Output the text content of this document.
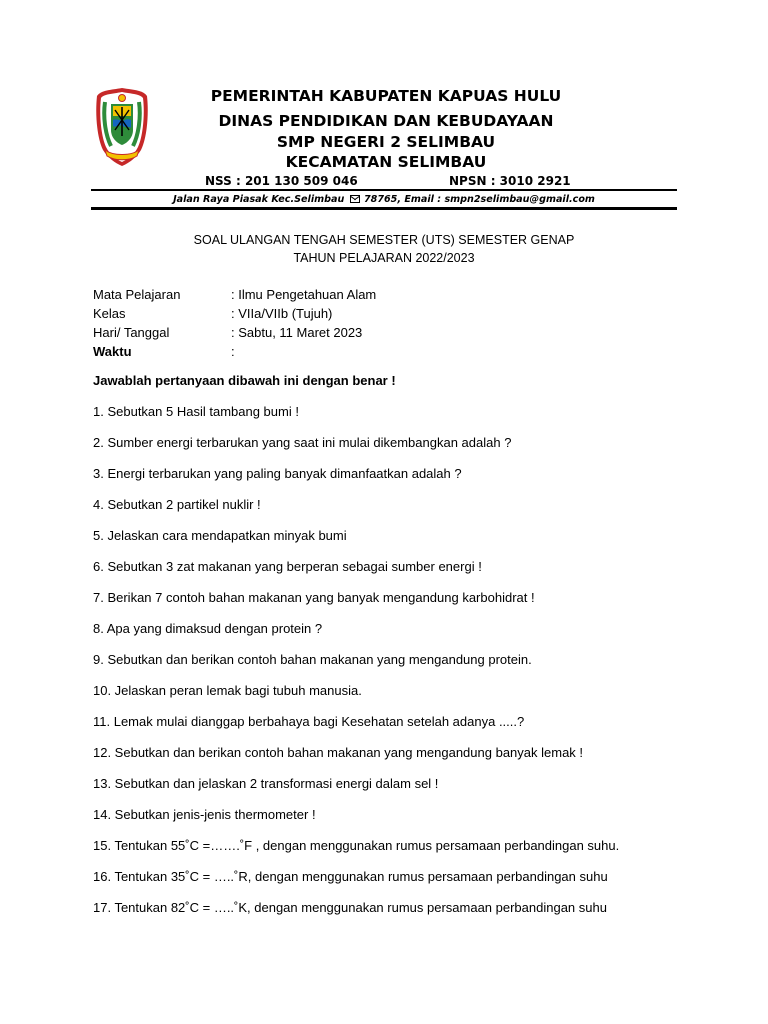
PEMERINTAH KABUPATEN KAPUAS HULU
DINAS PENDIDIKAN DAN KEBUDAYAAN
SMP NEGERI 2 SELIMBAU
KECAMATAN SELIMBAU
NSS : 201 130 509 046	NPSN : 3010 2921
Jalan Raya Piasak Kec.Selimbau 78765, Email : smpn2selimbau@gmail.com
SOAL ULANGAN TENGAH SEMESTER (UTS) SEMESTER GENAP
TAHUN PELAJARAN 2022/2023
Mata Pelajaran	: Ilmu Pengetahuan Alam
Kelas	: VIIa/VIIb (Tujuh)
Hari/ Tanggal	: Sabtu, 11 Maret 2023
Waktu	:
Jawablah pertanyaan dibawah ini dengan benar !
1. Sebutkan 5 Hasil tambang bumi !
2. Sumber energi terbarukan yang saat ini mulai dikembangkan adalah ?
3. Energi terbarukan yang paling banyak dimanfaatkan adalah ?
4. Sebutkan 2 partikel nuklir !
5. Jelaskan cara mendapatkan minyak bumi
6. Sebutkan 3 zat makanan yang berperan sebagai sumber energi !
7. Berikan 7 contoh bahan makanan yang banyak mengandung karbohidrat !
8. Apa yang dimaksud dengan protein ?
9. Sebutkan dan berikan contoh bahan makanan yang mengandung protein.
10. Jelaskan peran lemak bagi tubuh manusia.
11. Lemak mulai dianggap berbahaya bagi Kesehatan setelah adanya .....?
12. Sebutkan dan berikan contoh bahan makanan yang mengandung banyak lemak !
13. Sebutkan dan jelaskan 2 transformasi energi dalam sel !
14. Sebutkan jenis-jenis thermometer !
15. Tentukan 55˚C =…….˚F , dengan menggunakan rumus persamaan perbandingan suhu.
16. Tentukan 35˚C = …..˚R, dengan menggunakan rumus persamaan perbandingan suhu
17. Tentukan 82˚C = …..˚K, dengan menggunakan rumus persamaan perbandingan suhu
